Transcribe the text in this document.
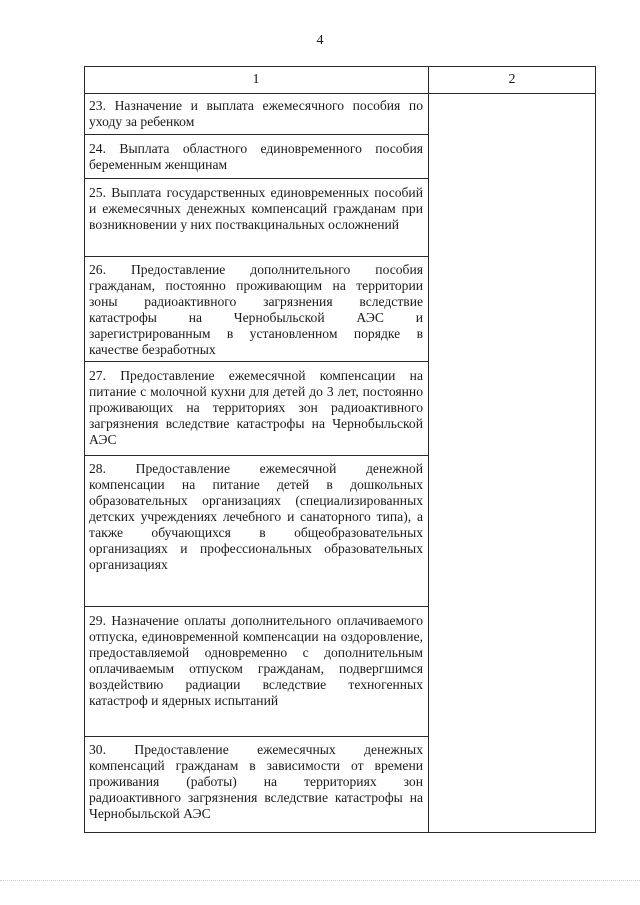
4
1	2
23. Назначение и выплата ежемесячного пособия по уходу за ребенком
24. Выплата областного единовременного пособия беременным женщинам
25. Выплата государственных единовременных пособий и ежемесячных денежных компенсаций гражданам при возникновении у них поствакцинальных осложнений
26. Предоставление дополнительного пособия гражданам, постоянно проживающим на территории зоны радиоактивного загрязнения вследствие катастрофы на Чернобыльской АЭС и зарегистрированным в установленном порядке в качестве безработных
27. Предоставление ежемесячной компенсации на питание с молочной кухни для детей до 3 лет, постоянно проживающих на территориях зон радиоактивного загрязнения вследствие катастрофы на Чернобыльской АЭС
28. Предоставление ежемесячной денежной компенсации на питание детей в дошкольных образовательных организациях (специализированных детских учреждениях лечебного и санаторного типа), а также обучающихся в общеобразовательных организациях и профессиональных образовательных организациях
29. Назначение оплаты дополнительного оплачиваемого отпуска, единовременной компенсации на оздоровление, предоставляемой одновременно с дополнительным оплачиваемым отпуском гражданам, подвергшимся воздействию радиации вследствие техногенных катастроф и ядерных испытаний
30. Предоставление ежемесячных денежных компенсаций гражданам в зависимости от времени проживания (работы) на территориях зон радиоактивного загрязнения вследствие катастрофы на Чернобыльской АЭС
